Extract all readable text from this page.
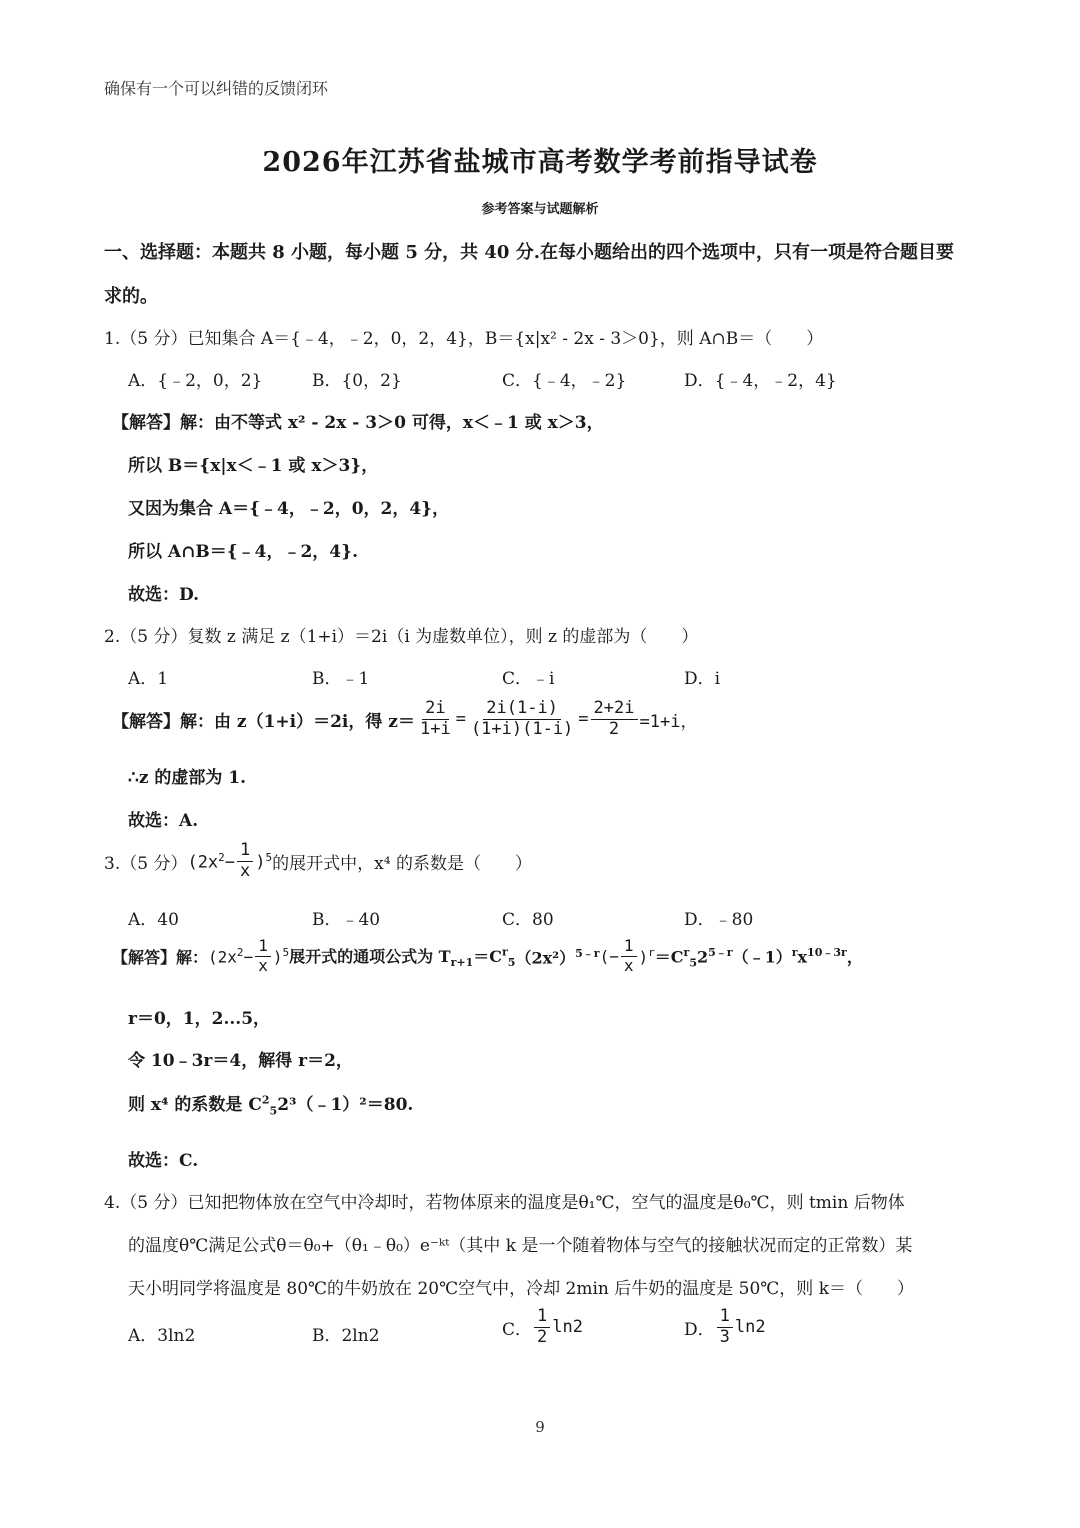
确保有一个可以纠错的反馈闭环
2026年江苏省盐城市高考数学考前指导试卷
参考答案与试题解析
一、选择题：本题共 8 小题，每小题 5 分，共 40 分.在每小题给出的四个选项中，只有一项是符合题目要
求的。
1.（5 分）已知集合 A＝{﹣4，﹣2，0，2，4}，B＝{x|x² - 2x - 3＞0}，则 A∩B＝（　　）
A．{﹣2，0，2}	B．{0，2}	C．{﹣4，﹣2}	D．{﹣4，﹣2，4}
【解答】解：由不等式 x² - 2x - 3＞0 可得，x＜﹣1 或 x＞3，
所以 B＝{x|x＜﹣1 或 x＞3}，
又因为集合 A＝{﹣4，﹣2，0，2，4}，
所以 A∩B＝{﹣4，﹣2，4}.
故选：D.
2.（5 分）复数 z 满足 z（1+i）＝2i（i 为虚数单位），则 z 的虚部为（　　）
A．1	B．﹣1	C．﹣i	D．i
【解答】解：由 z（1+i）＝2i，得 $z= \frac{2i}{1+i} = \frac{2i(1-i)}{(1+i)(1-i)} = \frac{2+2i}{2} =1+i$，
∴z 的虚部为 1.
故选：A.
3.（5 分） $(2x^2- \frac{1}{x} )^5$ 的展开式中，x⁴ 的系数是（　　）
A．40	B．﹣40	C．80	D．﹣80
【解答】解： $(2x^2- \frac{1}{x} )^5$ 展开式的通项公式为 $T_{r+1} =C^r_5$ $(2x^2)^{5﹣r}$ (− $\frac{1}{x} )^r$ $=C^r_52^{5﹣r}(﹣1)^rx^{10﹣3r}$，
r＝0，1，2...5，
令 10﹣3r＝4，解得 r＝2，
则 x⁴ 的系数是 $C^2_52^3(﹣1)^2=80$.
故选：C.
4.（5 分）已知把物体放在空气中冷却时，若物体原来的温度是θ₁℃，空气的温度是θ₀℃，则 tmin 后物体
的温度θ℃满足公式θ＝θ₀+（θ₁﹣θ₀）e⁻ᵏᵗ（其中 k 是一个随着物体与空气的接触状况而定的正常数）某
天小明同学将温度是 80℃的牛奶放在 20℃空气中，冷却 2min 后牛奶的温度是 50℃，则 k＝（　　）
A．3ln2	B．2ln2	C． $\frac{1}{2} \ln 2$	D． $\frac{1}{3} \ln 2$
9
